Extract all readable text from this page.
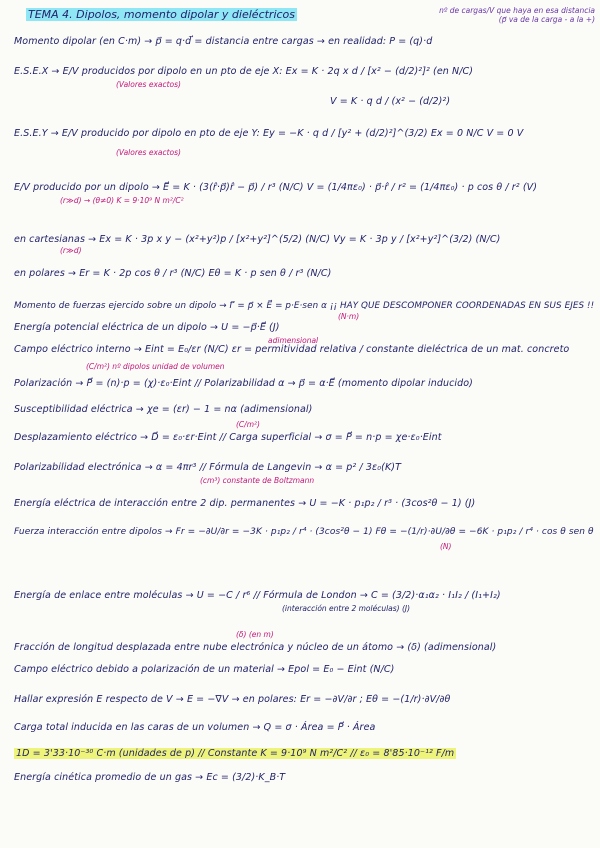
TEMA 4. Dipolos, momento dipolar y dieléctricos
Momento dipolar (en C·m) → p⃗ = q·d⃗ = distancia entre cargas → en realidad: P = (q)·d
nº de cargas/V que haya en esa distancia (p⃗ va de la carga - a la +)
E.S.E.X → E/V producidos por dipolo en un pto de eje X: Ex = K · 2q x d / [x² − (d/2)²]² (en N/C)
(Valores exactos)
V = K · q d / (x² − (d/2)²)
E.S.E.Y → E/V producido por dipolo en pto de eje Y: Ey = −K · q d / [y² + (d/2)²]^(3/2) Ex = 0 N/C V = 0 V
(Valores exactos)
E/V producido por un dipolo → E⃗ = K · (3(r̂·p⃗)r̂ − p⃗) / r³ (N/C) V = (1/4πε₀) · p⃗·r̂ / r² = (1/4πε₀) · p cos θ / r² (V)
(r≫d) → (θ≠0) K = 9·10⁹ N m²/C²
en cartesianas → Ex = K · 3p x y − (x²+y²)p / [x²+y²]^(5/2) (N/C) Vy = K · 3p y / [x²+y²]^(3/2) (N/C)
(r≫d)
en polares → Er = K · 2p cos θ / r³ (N/C) Eθ = K · p sen θ / r³ (N/C)
Momento de fuerzas ejercido sobre un dipolo → Γ⃗ = p⃗ × E⃗ = p·E·sen α ¡¡ HAY QUE DESCOMPONER COORDENADAS EN SUS EJES !!
(N·m)
Energía potencial eléctrica de un dipolo → U = −p⃗·E⃗ (J)
Campo eléctrico interno → Eint = E₀/εr (N/C) εr = permitividad relativa / constante dieléctrica de un mat. concreto
adimensional
Polarización → P⃗ = (n)·p = (χ)·ε₀·Eint // Polarizabilidad α → p⃗ = α·E⃗ (momento dipolar inducido)
(C/m²) nº dipolos unidad de volumen
Susceptibilidad eléctrica → χe = (εr) − 1 = nα (adimensional)
Desplazamiento eléctrico → D⃗ = ε₀·εr·Eint // Carga superficial → σ = P⃗ = n·p = χe·ε₀·Eint
(C/m²)
Polarizabilidad electrónica → α = 4πr³ // Fórmula de Langevin → α = p² / 3ε₀(K)T
(cm³) constante de Boltzmann
Energía eléctrica de interacción entre 2 dip. permanentes → U = −K · p₁p₂ / r³ · (3cos²θ − 1) (J)
Fuerza interacción entre dipolos → Fr = −∂U/∂r = −3K · p₁p₂ / r⁴ · (3cos²θ − 1) Fθ = −(1/r)·∂U/∂θ = −6K · p₁p₂ / r⁴ · cos θ sen θ
(N)
Energía de enlace entre moléculas → U = −C / r⁶ // Fórmula de London → C = (3/2)·α₁α₂ · I₁I₂ / (I₁+I₂)
(interacción entre 2 moléculas) (J)
Fracción de longitud desplazada entre nube electrónica y núcleo de un átomo → (δ) (adimensional)
(δ) (en m)
Campo eléctrico debido a polarización de un material → Epol = E₀ − Eint (N/C)
Hallar expresión E respecto de V → E = −∇V → en polares: Er = −∂V/∂r ; Eθ = −(1/r)·∂V/∂θ
Carga total inducida en las caras de un volumen → Q = σ · Área = P⃗ · Área
1D = 3'33·10⁻³⁰ C·m (unidades de p) // Constante K = 9·10⁹ N m²/C² // ε₀ = 8'85·10⁻¹² F/m
Energía cinética promedio de un gas → Ec = (3/2)·K_B·T
